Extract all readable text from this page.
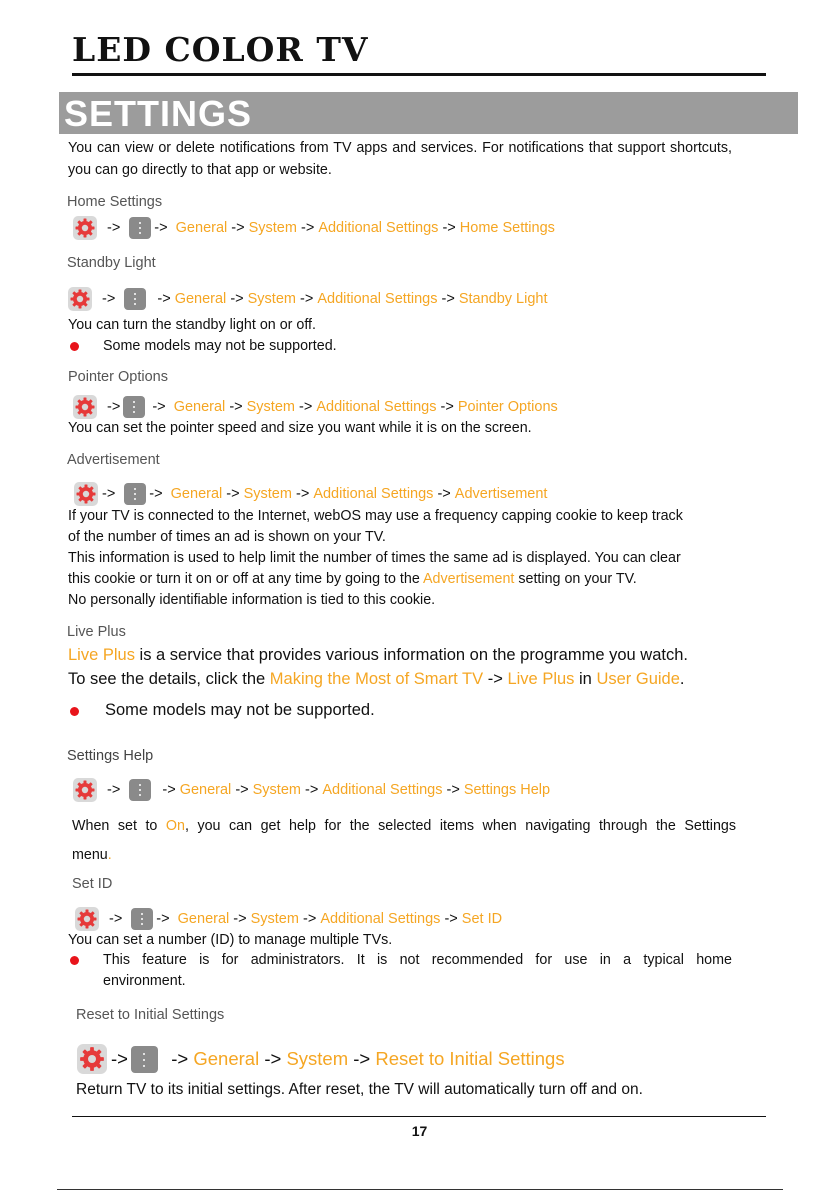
LED COLOR TV
SETTINGS
You can view or delete notifications from TV apps and services. For notifications that support shortcuts, you can go directly to that app or website.
Home Settings
-> ->
General
->
System
->
Additional Settings
->
Home Settings
Standby Light
->
	->
General
->
System
->
Additional Settings
->
Standby Light
You can turn the standby light on or off.
Some models may not be supported.
Pointer Options
->
->
General
->
System
->
Additional Settings
->
Pointer Options
You can set the pointer speed and size you want while it is on the screen.
Advertisement
-> ->
General
->
System
->
Additional Settings
->
Advertisement
If your TV is connected to the Internet, webOS may use a frequency capping cookie to keep track
of the number of times an ad is shown on your TV.
This information is used to help limit the number of times the same ad is displayed. You can clear
this cookie or turn it on or off at any time by going to the Advertisement setting on your TV.
No personally identifiable information is tied to this cookie.
Live Plus
Live Plus is a service that provides various information on the programme you watch.
To see the details, click the Making the Most of Smart TV -> Live Plus in User Guide.
Some models may not be supported.
Settings Help
->
	->
General
->
System
->
Additional Settings
->
Settings Help
When set to On, you can get help for the selected items when navigating through the Settings
menu.
Set ID
-> ->
General
->
System
->
Additional Settings
->
Set ID
You can set a number (ID) to manage multiple TVs.
This feature is for administrators. It is not recommended for use in a typical home
environment.
Reset to Initial Settings
->
->
General
->
System
->
Reset to Initial Settings
Return TV to its initial settings. After reset, the TV will automatically turn off and on.
17
